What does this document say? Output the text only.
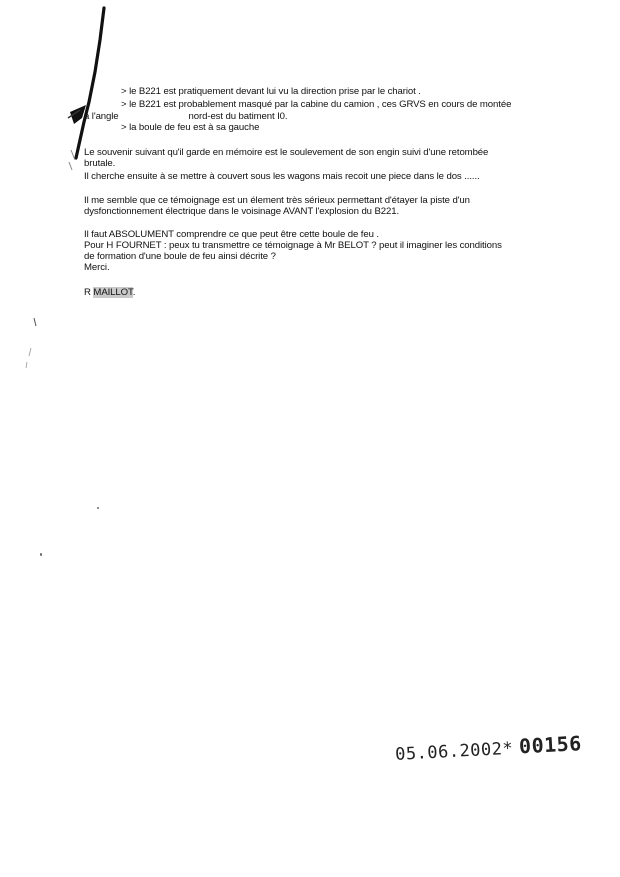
> le B221 est pratiquement devant lui vu la direction prise par le chariot .
> le B221 est probablement masqué par la cabine du camion , ces GRVS en cours de montée
à l'angle	nord-est du batiment I0.
> la boule de feu est à sa gauche
Le souvenir suivant qu'il garde en mémoire est le soulevement de son engin suivi d'une retombée
brutale.
Il cherche ensuite à se mettre à couvert sous les wagons mais recoit une piece dans le dos ......
Il me semble que ce témoignage est un élement très sérieux permettant d'étayer la piste d'un
dysfonctionnement électrique dans le voisinage AVANT l'explosion du B221.
Il faut ABSOLUMENT comprendre ce que peut être cette boule de feu .
Pour H FOURNET : peux tu transmettre ce témoignage à Mr BELOT ? peut il imaginer les conditions
de formation d'une boule de feu ainsi décrite ?
Merci.
R MAILLOT.
05.06.2002* 00156
